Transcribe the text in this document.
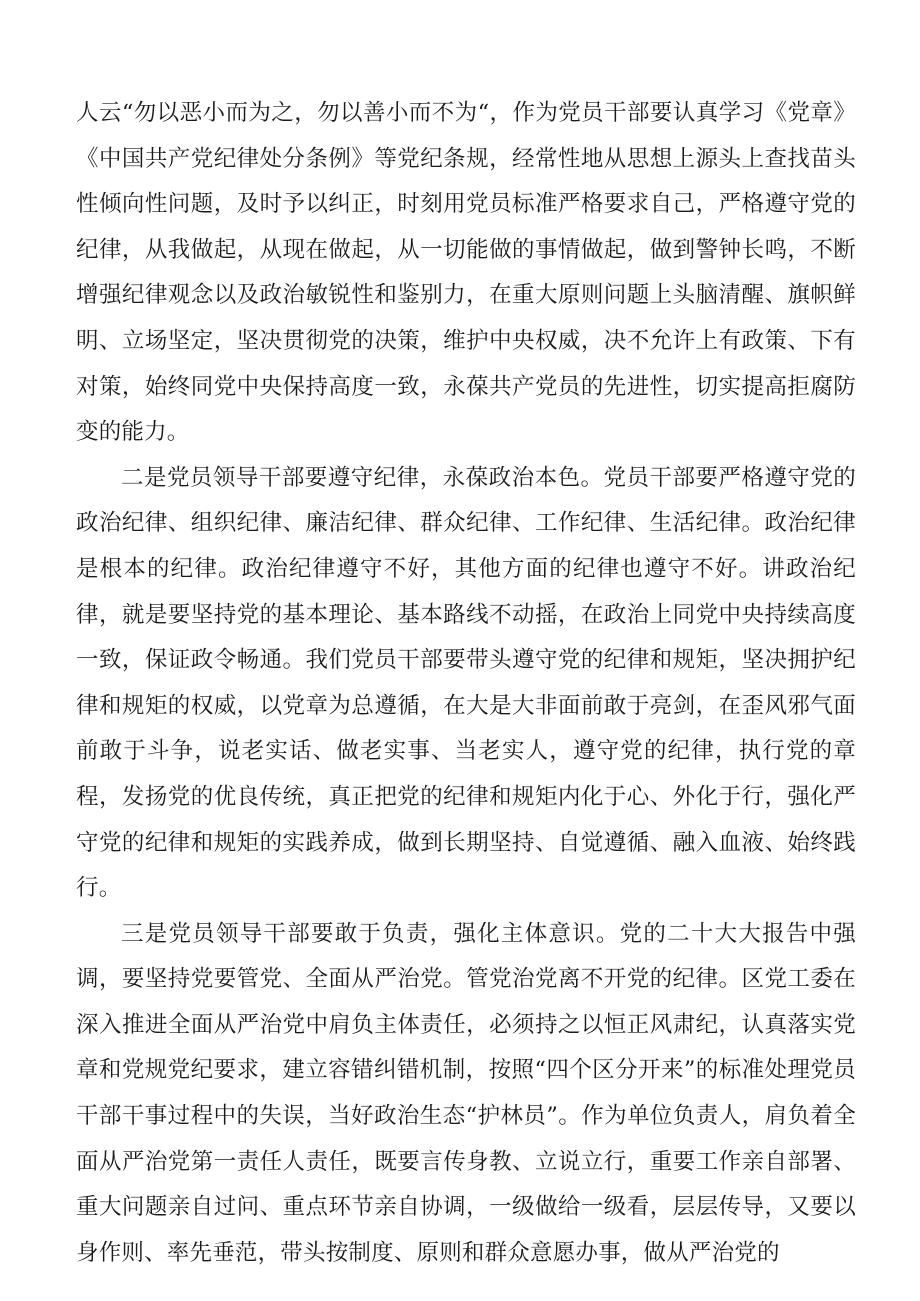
人云“勿以恶小而为之，勿以善小而不为“，作为党员干部要认真学习《党章》《中国共产党纪律处分条例》等党纪条规，经常性地从思想上源头上查找苗头性倾向性问题，及时予以纠正，时刻用党员标准严格要求自己，严格遵守党的纪律，从我做起，从现在做起，从一切能做的事情做起，做到警钟长鸣，不断增强纪律观念以及政治敏锐性和鉴别力，在重大原则问题上头脑清醒、旗帜鲜明、立场坚定，坚决贯彻党的决策，维护中央权威，决不允许上有政策、下有对策，始终同党中央保持高度一致，永葆共产党员的先进性，切实提高拒腐防变的能力。

二是党员领导干部要遵守纪律，永葆政治本色。党员干部要严格遵守党的政治纪律、组织纪律、廉洁纪律、群众纪律、工作纪律、生活纪律。政治纪律是根本的纪律。政治纪律遵守不好，其他方面的纪律也遵守不好。讲政治纪律，就是要坚持党的基本理论、基本路线不动摇，在政治上同党中央持续高度一致，保证政令畅通。我们党员干部要带头遵守党的纪律和规矩，坚决拥护纪律和规矩的权威，以党章为总遵循，在大是大非面前敢于亮剑，在歪风邪气面前敢于斗争，说老实话、做老实事、当老实人，遵守党的纪律，执行党的章程，发扬党的优良传统，真正把党的纪律和规矩内化于心、外化于行，强化严守党的纪律和规矩的实践养成，做到长期坚持、自觉遵循、融入血液、始终践行。

三是党员领导干部要敢于负责，强化主体意识。党的二十大大报告中强调，要坚持党要管党、全面从严治党。管党治党离不开党的纪律。区党工委在深入推进全面从严治党中肩负主体责任，必须持之以恒正风肃纪，认真落实党章和党规党纪要求，建立容错纠错机制，按照“四个区分开来”的标准处理党员干部干事过程中的失误，当好政治生态“护林员”。作为单位负责人，肩负着全面从严治党第一责任人责任，既要言传身教、立说立行，重要工作亲自部署、重大问题亲自过问、重点环节亲自协调，一级做给一级看，层层传导，又要以身作则、率先垂范，带头按制度、原则和群众意愿办事，做从严治党的
